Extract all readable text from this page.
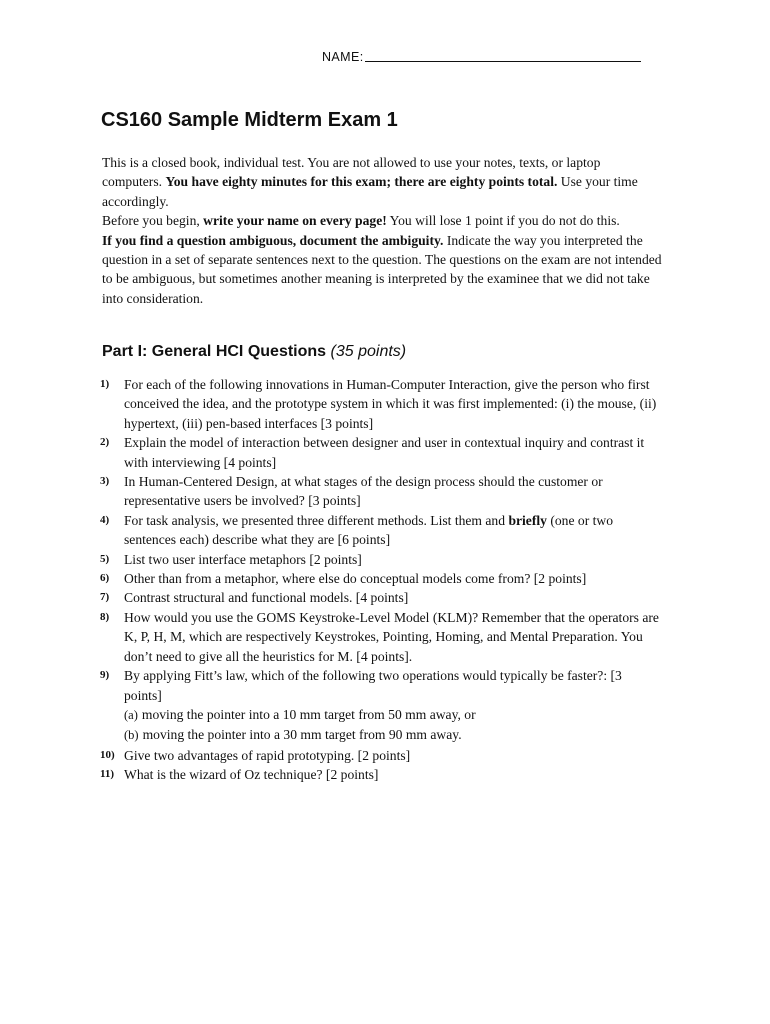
NAME:
CS160 Sample Midterm Exam 1
This is a closed book, individual test. You are not allowed to use your notes, texts, or laptop computers. You have eighty minutes for this exam; there are eighty points total. Use your time accordingly.
Before you begin, write your name on every page! You will lose 1 point if you do not do this.
If you find a question ambiguous, document the ambiguity. Indicate the way you interpreted the question in a set of separate sentences next to the question. The questions on the exam are not intended to be ambiguous, but sometimes another meaning is interpreted by the examinee that we did not take into consideration.
Part I: General HCI Questions (35 points)
1) For each of the following innovations in Human-Computer Interaction, give the person who first conceived the idea, and the prototype system in which it was first implemented: (i) the mouse, (ii) hypertext, (iii) pen-based interfaces [3 points]
2) Explain the model of interaction between designer and user in contextual inquiry and contrast it with interviewing [4 points]
3) In Human-Centered Design, at what stages of the design process should the customer or representative users be involved? [3 points]
4) For task analysis, we presented three different methods. List them and briefly (one or two sentences each) describe what they are [6 points]
5) List two user interface metaphors [2 points]
6) Other than from a metaphor, where else do conceptual models come from? [2 points]
7) Contrast structural and functional models. [4 points]
8) How would you use the GOMS Keystroke-Level Model (KLM)? Remember that the operators are K, P, H, M, which are respectively Keystrokes, Pointing, Homing, and Mental Preparation. You don’t need to give all the heuristics for M. [4 points].
9) By applying Fitt’s law, which of the following two operations would typically be faster?: [3 points]
(a) moving the pointer into a 10 mm target from 50 mm away, or
(b) moving the pointer into a 30 mm target from 90 mm away.
10) Give two advantages of rapid prototyping. [2 points]
11) What is the wizard of Oz technique? [2 points]
